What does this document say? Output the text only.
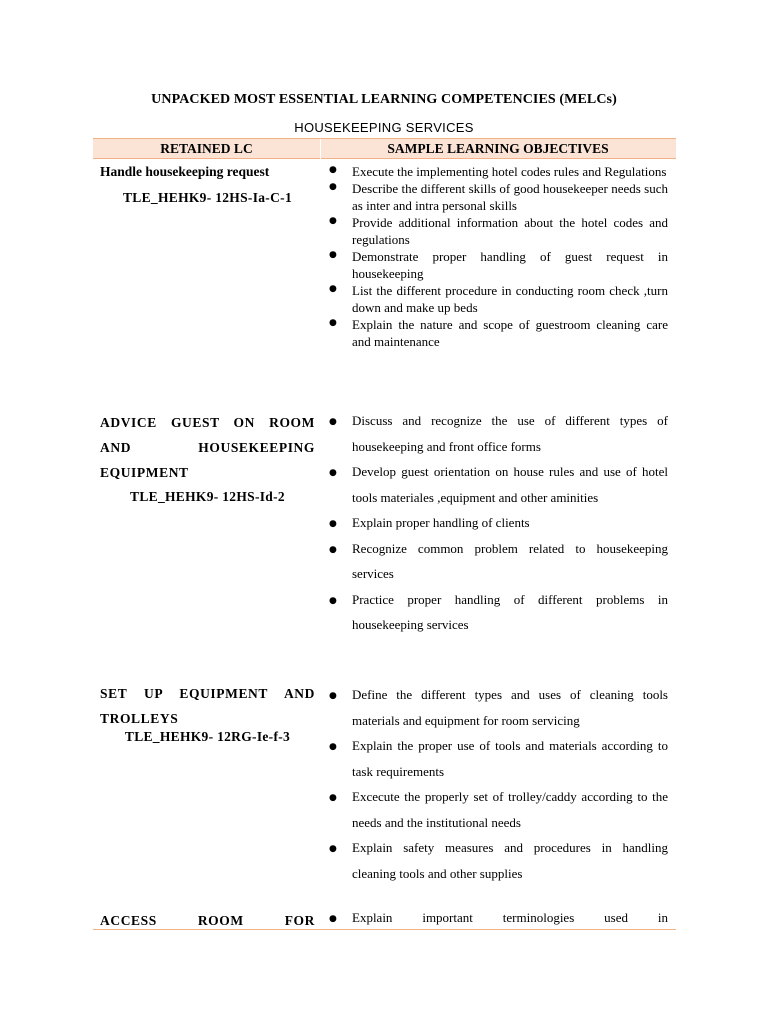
UNPACKED MOST ESSENTIAL LEARNING COMPETENCIES (MELCs)
HOUSEKEEPING SERVICES
RETAINED LC	SAMPLE LEARNING OBJECTIVES
Handle housekeeping request
TLE_HEHK9- 12HS-Ia-C-1
● Execute the implementing hotel codes rules and Regulations
● Describe the different skills of good housekeeper needs such as inter and intra personal skills
● Provide additional information about the hotel codes and regulations
● Demonstrate proper handling of guest request in housekeeping
● List the different procedure in conducting room check ,turn down and make up beds
● Explain the nature and scope of guestroom cleaning care and maintenance
ADVICE GUEST ON ROOM
AND HOUSEKEEPING
EQUIPMENT
TLE_HEHK9- 12HS-Id-2
● Discuss and recognize the use of different types of housekeeping and front office forms
● Develop guest orientation on house rules and use of hotel tools materiales ,equipment and other aminities
● Explain proper handling of clients
● Recognize common problem related to housekeeping services
● Practice proper handling of different problems in housekeeping services
SET UP EQUIPMENT AND
TROLLEYS
TLE_HEHK9- 12RG-Ie-f-3
● Define the different types and uses of cleaning tools materials and equipment for room servicing
● Explain the proper use of tools and materials according to task requirements
● Excecute the properly set of trolley/caddy according to the needs and the institutional needs
● Explain safety measures and procedures in handling cleaning tools and other supplies
ACCESS ROOM FOR ● Explain important terminologies used in
